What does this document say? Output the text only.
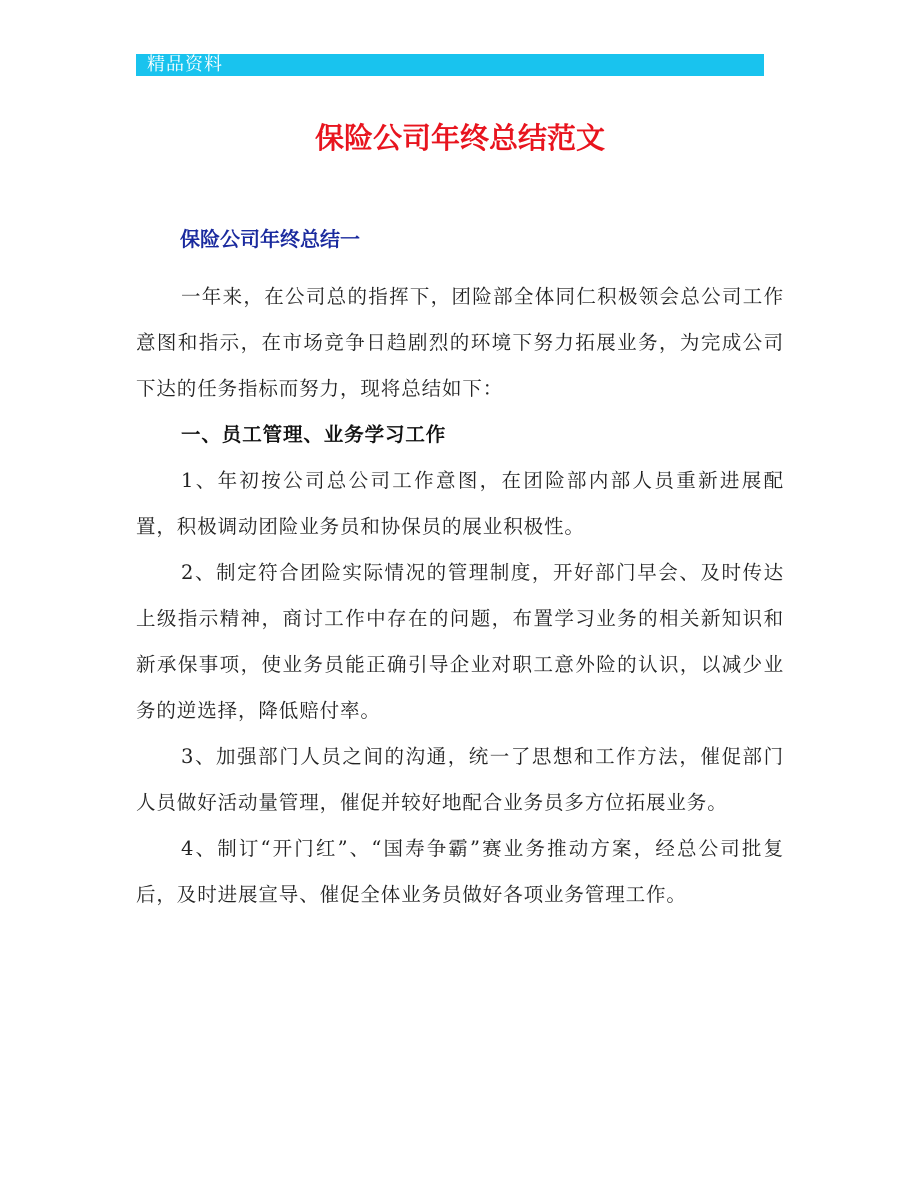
精品资料
保险公司年终总结范文
保险公司年终总结一

一年来，在公司总的指挥下，团险部全体同仁积极领会总公司工作意图和指示，在市场竞争日趋剧烈的环境下努力拓展业务，为完成公司下达的任务指标而努力，现将总结如下：

一、员工管理、业务学习工作

1、年初按公司总公司工作意图，在团险部内部人员重新进展配置，积极调动团险业务员和协保员的展业积极性。

2、制定符合团险实际情况的管理制度，开好部门早会、及时传达上级指示精神，商讨工作中存在的问题，布置学习业务的相关新知识和新承保事项，使业务员能正确引导企业对职工意外险的认识，以减少业务的逆选择，降低赔付率。

3、加强部门人员之间的沟通，统一了思想和工作方法，催促部门人员做好活动量管理，催促并较好地配合业务员多方位拓展业务。

4、制订“开门红”、“国寿争霸”赛业务推动方案，经总公司批复后，及时进展宣导、催促全体业务员做好各项业务管理工作。
